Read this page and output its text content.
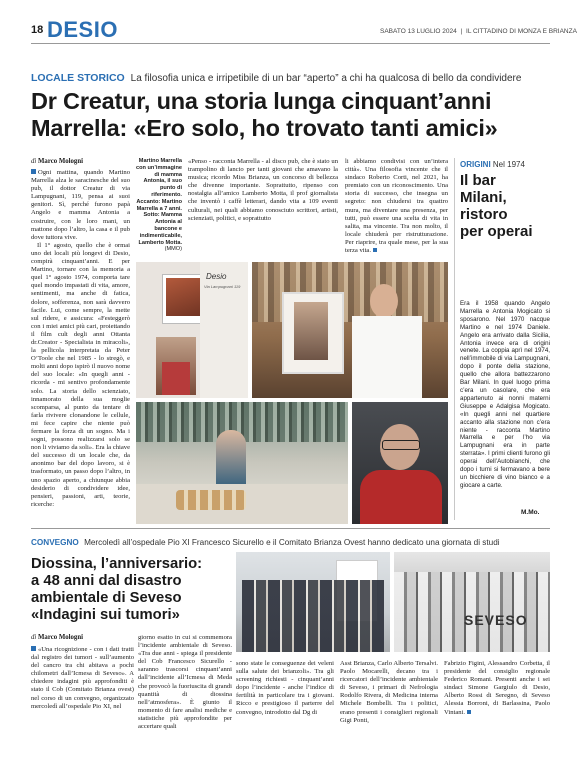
18 DESIO	SABATO 13 LUGLIO 2024 | IL CITTADINO DI MONZA E BRIANZA
LOCALE STORICO La filosofia unica e irripetibile di un bar “aperto” a chi ha qualcosa di bello da condividere
Dr Creatur, una storia lunga cinquant’anni
Marrella: «Ero solo, ho trovato tanti amici»
di Marco Mologni

Ogni mattina, quando Martino Marrella alza le saracinesche del suo pub, il dottor Creatur di via Lampugnani, 119, pensa ai suoi genitori. Sì, perché furono papà Angelo e mamma Antonia a costruire, con le loro mani, un mattone dopo l’altro, la casa e il pub dove tuttora vive.

Il 1° agosto, quello che è ormai uno dei locali più longevi di Desio, compirà cinquant’anni. E per Martino, tornare con la memoria a quel 1° agosto 1974, comporta tare quel mondo impastati di vita, amore, sentimenti, ma anche di fatica, dolore, sofferenza, non sarà davvero facile. Lui, come sempre, la mette sul ridere, e assicura: «Festeggerò con i miei amici più cari, proiettando il film cult degli anni Ottanta dr.Creator - Specialista in miracoli», la pellicola interpretata da Peter O’Toole che nel 1985 - lo stregò, e molti anni dopo ispirò il nuovo nome del suo locale: «In quegli anni - ricorda - mi sentivo profondamente solo. La storia dello scienziato, innamorato della sua moglie scomparsa, al punto da tentare di farla rivivere clonandone le cellule, mi fece capire che niente può fermare la forza di un sogno. Ma i sogni, possono realizzarsi solo se non li viviamo da soli». Era la chiave del successo di un locale che, da anonimo bar del dopo lavoro, si è trasformato, un passo dopo l’altro, in uno spazio aperto, a chiunque abbia desiderio di condividere idee, pensieri, passioni, arti, teorie, ricerche:

Martino Marrella con un’immagine di mamma Antonia, il suo punto di riferimento. Accanto: Martino Marrella a 7 anni. Sotto: Mamma Antonia al bancone e indimenticabile, Lamberto Motta. (MMO)

«Penso - racconta Marrella - al disco pub, che è stato un trampolino di lancio per tanti giovani che amavano la musica; ricordo Miss Brianza, un concorso di bellezza che divenne importante. Soprattutto, ripenso con nostalgia all’amico Lamberto Motta, il prof giornalista che inventò i caffè letterari, dando vita a 109 eventi culturali, nei quali abbiamo conosciuto scrittori, artisti, scienziati, politici, e soprattutto

li abbiamo condivisi con un’intera città». Una filosofia vincente che il sindaco Roberto Corti, nel 2021, ha premiato con un riconoscimento. Una storia di successo, che insegna un segreto: non chiudersi tra quattro mura, ma diventare una presenza, per tutti, può essere una scelta di vita in salita, ma vincente. Tra non molto, il locale chiuderà per ristrutturazione. Per riaprire, tra quale mese, per la sua terza vita.

Desio
Via Lampugnani 119
ORIGINI Nel 1974
Il bar
Milani,
ristoro
per operai

Era il 1958 quando Angelo Marrella e Antonia Mogicato si sposarono. Nel 1970 nacque Martino e nel 1974 Daniele. Angelo era arrivato dalla Sicilia, Antonia invece era di origini venete. La coppia aprì nel 1974, nell’immobile di via Lampugnani, dopo il ponte della stazione, quello che allora battezzarono Bar Milani. In quel luogo prima c’era un casolare, che era appartenuto ai nonni materni Giuseppe e Adalgisa Mogicato. «In quegli anni nel quartiere accanto alla stazione non c’era niente - racconta Martino Marrella e per l’ho via Lampugnani era in parte sterrata». I primi clienti furono gli operai dell’Autobianchi, che dopo i turni si fermavano a bere un bicchiere di vino bianco e a giocare a carte.

M.Mo.
CONVEGNO Mercoledì all’ospedale Pio XI Francesco Sicurello e il Comitato Brianza Ovest hanno dedicato una giornata di studi
Diossina, l’anniversario:
a 48 anni dal disastro
ambientale di Seveso
«Indagini sui tumori»	SEVESO
di Marco Mologni

«Una ricognizione - con i dati tratti dal registro dei tumori - sull’aumento del cancro tra chi abitava a pochi chilometri dall’Icmesa di Seveso». A chiedere indagini più approfonditi è stato il Cob (Comitato Brianza ovest) nel corso di un convegno, organizzato mercoledì all’ospedale Pio XI, nel

giorno esatto in cui si commemora l’incidente ambientale di Seveso. «Tra due anni - spiega il presidente del Cob Francesco Sicurello - saranno trascorsi cinquant’anni dall’incidente all’Icmesa di Meda che provocò la fuoriuscita di grandi quantità di diossina nell’atmosfera». È giunto il momento di fare analisi mediche e statistiche più approfondite per accertare quali

sono state le conseguenze dei veleni sulla salute dei brianzoli». Tra gli screening richiesti - cinquant’anni dopo l’incidente - anche l’indice di fertilità in particolare tra i giovani. Ricco e prestigioso il parterre del convegno, introdotto dal Dg di

Asst Brianza, Carlo Alberto Tersalvi. Paolo Mocarelli, decano tra i ricercatori dell’incidente ambientale di Seveso, i primari di Nefrologia Rodolfo Rivera, di Medicina interna Michele Bombelli. Tra i politici, erano presenti i consiglieri regionali Gigi Ponti,

Fabrizio Figini, Alessandro Corbetta, il presidente del consiglio regionale Federico Romani. Presenti anche i sei sindaci Simone Gargiulo di Desio, Alberto Rossi di Seregno, di Seveso Alessia Borroni, di Barlassina, Paolo Vintani.
